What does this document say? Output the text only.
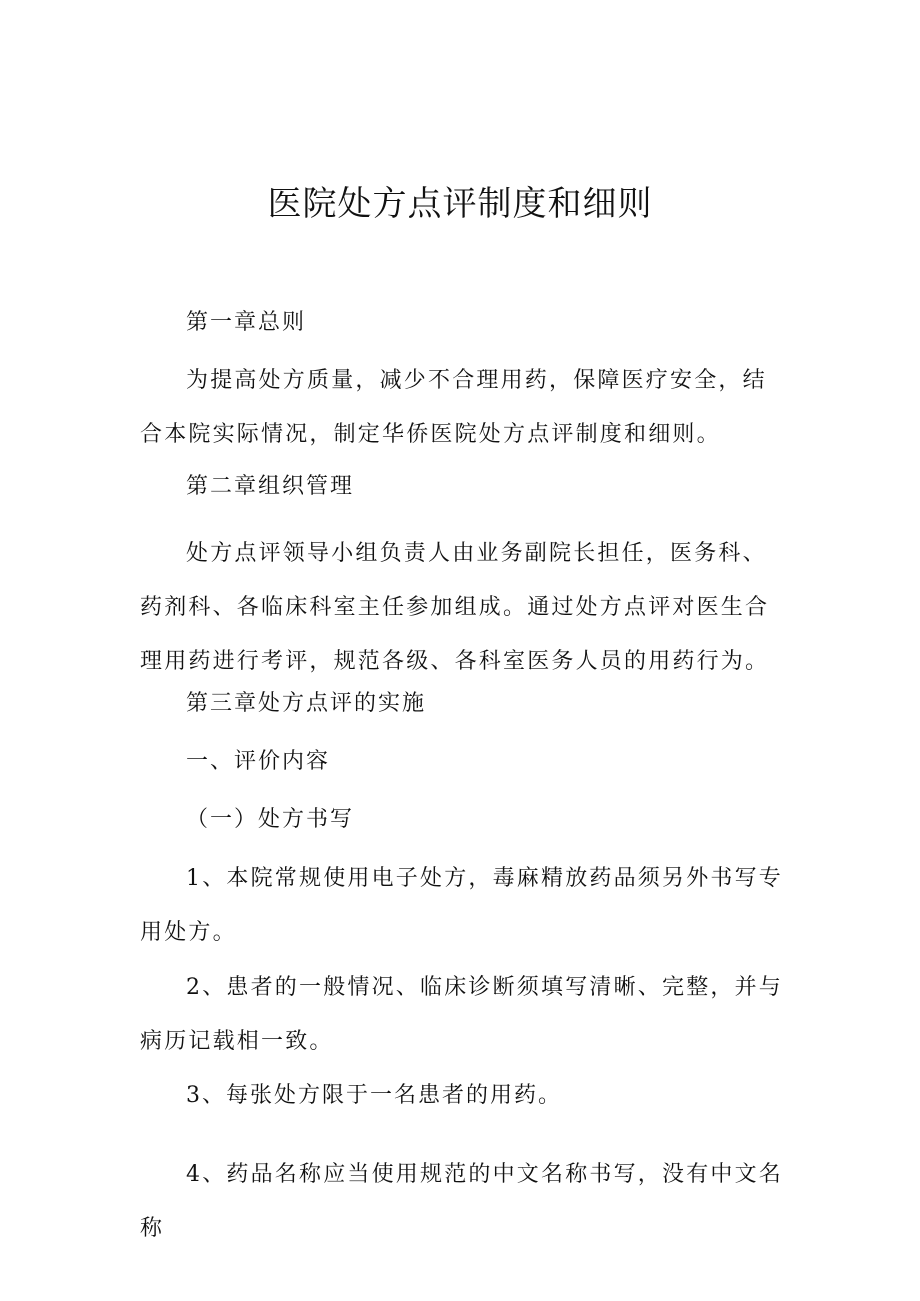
医院处方点评制度和细则
第一章总则

为提高处方质量，减少不合理用药，保障医疗安全，结合本院实际情况，制定华侨医院处方点评制度和细则。

第二章组织管理

处方点评领导小组负责人由业务副院长担任，医务科、药剂科、各临床科室主任参加组成。通过处方点评对医生合理用药进行考评，规范各级、各科室医务人员的用药行为。

第三章处方点评的实施
一、评价内容
（一）处方书写

1、本院常规使用电子处方，毒麻精放药品须另外书写专用处方。

2、患者的一般情况、临床诊断须填写清晰、完整，并与病历记载相一致。

3、每张处方限于一名患者的用药。

4、药品名称应当使用规范的中文名称书写，没有中文名称
